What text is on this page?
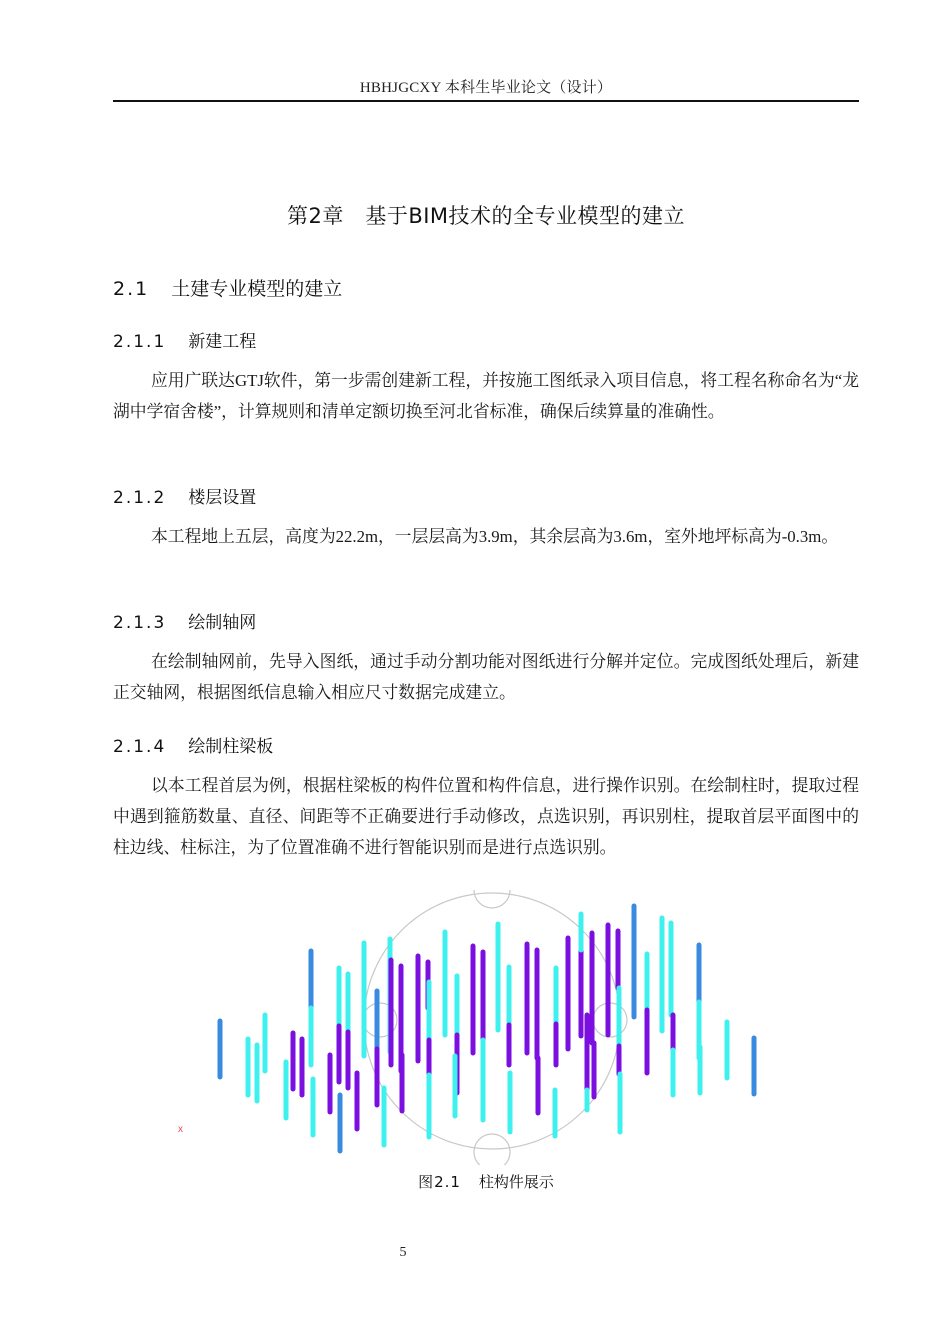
HBHJGCXY 本科生毕业论文（设计）
第2章　基于BIM技术的全专业模型的建立
2.1 土建专业模型的建立
2.1.1 新建工程

应用广联达GTJ软件，第一步需创建新工程，并按施工图纸录入项目信息，将工程名称命名为“龙湖中学宿舍楼”，计算规则和清单定额切换至河北省标准，确保后续算量的准确性。

2.1.2 楼层设置

本工程地上五层，高度为22.2m，一层层高为3.9m，其余层高为3.6m，室外地坪标高为-0.3m。

2.1.3 绘制轴网

在绘制轴网前，先导入图纸，通过手动分割功能对图纸进行分解并定位。完成图纸处理后，新建正交轴网，根据图纸信息输入相应尺寸数据完成建立。

2.1.4 绘制柱梁板

以本工程首层为例，根据柱梁板的构件位置和构件信息，进行操作识别。在绘制柱时，提取过程中遇到箍筋数量、直径、间距等不正确要进行手动修改，点选识别，再识别柱，提取首层平面图中的柱边线、柱标注，为了位置准确不进行智能识别而是进行点选识别。

x
图2.1 柱构件展示
5
